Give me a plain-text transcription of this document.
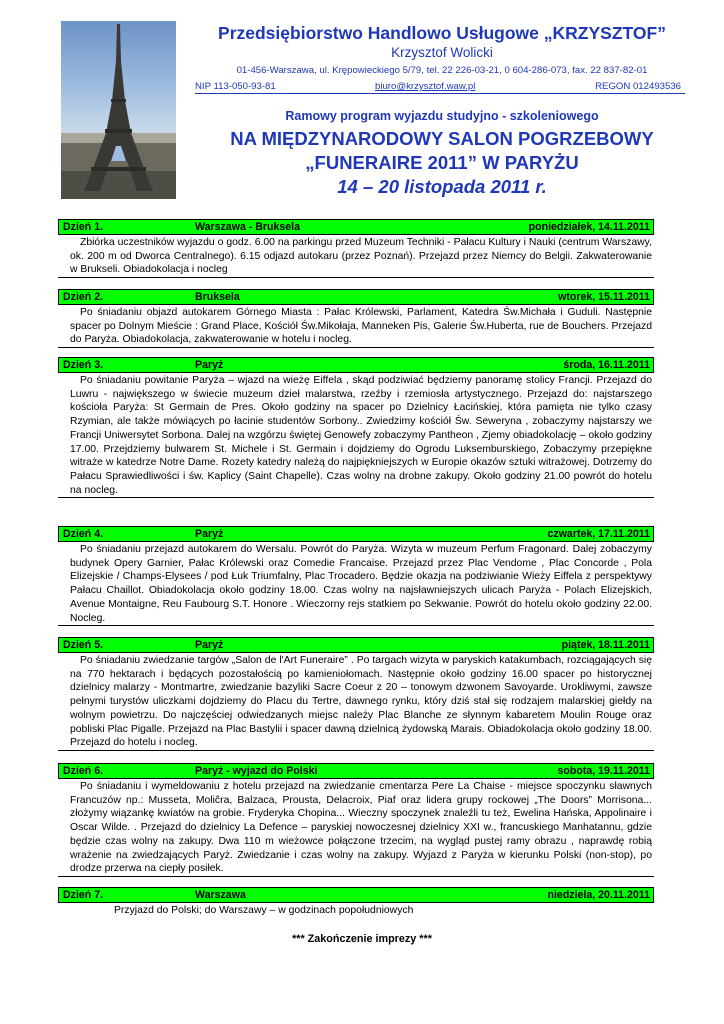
Przedsiębiorstwo Handlowo Usługowe „KRZYSZTOF”
Krzysztof Wolicki
01-456-Warszawa, ul. Krępowieckiego 5/79, tel. 22 226-03-21, 0 604-286-073, fax. 22 837-82-01
NIP 113-050-93-81	biuro@krzysztof.waw.pl	REGON 012493536
Ramowy program wyjazdu studyjno - szkoleniowego
NA MIĘDZYNARODOWY SALON POGRZEBOWY
„FUNERAIRE 2011” W PARYŻU
14 – 20 listopada 2011 r.
Dzień 1.	Warszawa - Bruksela	poniedziałek, 14.11.2011

Zbiórka uczestników wyjazdu o godz. 6.00 na parkingu przed Muzeum Techniki - Pałacu Kultury i Nauki (centrum Warszawy, ok. 200 m od Dworca Centralnego). 6.15 odjazd autokaru (przez Poznań). Przejazd przez Niemcy do Belgii. Zakwaterowanie w Brukseli. Obiadokolacja i nocleg

Dzień 2.	Bruksela	wtorek, 15.11.2011

Po śniadaniu objazd autokarem Górnego Miasta : Pałac Królewski, Parlament, Katedra Św.Michała i Guduli. Następnie spacer po Dolnym Mieście : Grand Place, Kościół Św.Mikołaja, Manneken Pis, Galerie Św.Huberta, rue de Bouchers. Przejazd do Paryża. Obiadokolacja, zakwaterowanie w hotelu i nocleg.

Dzień 3.	Paryż	środa, 16.11.2011

Po śniadaniu powitanie Paryża – wjazd na wieżę Eiffela , skąd podziwiać będziemy panoramę stolicy Francji. Przejazd do Luwru - największego w świecie muzeum dzieł malarstwa, rzeźby i rzemiosła artystycznego. Przejazd do: najstarszego kościoła Paryża: St Germain de Pres. Około godziny na spacer po Dzielnicy Łacińskiej, która pamięta nie tylko czasy Rzymian, ale także mówiących po łacinie studentów Sorbony.. Zwiedzimy kościół Św. Seweryna , zobaczymy najstarszy we Francji Uniwersytet Sorbona. Dalej na wzgórzu świętej Genowefy zobaczymy Pantheon , Zjemy obiadokolację – około godziny 17.00. Przejdziemy bulwarem St. Michele i St. Germain i dojdziemy do Ogrodu Luksemburskiego, Zobaczymy przepiękne witraże w katedrze Notre Dame. Rozety katedry należą do najpiękniejszych w Europie okazów sztuki witrażowej. Dotrzemy do Pałacu Sprawiedliwości i św. Kaplicy (Saint Chapelle). Czas wolny na drobne zakupy. Około godziny 21.00 powrót do hotelu na nocleg.

Dzień 4.	Paryż	czwartek, 17.11.2011

Po śniadaniu przejazd autokarem do Wersalu. Powrót do Paryża. Wizyta w muzeum Perfum Fragonard. Dalej zobaczymy budynek Opery Garnier, Pałac Królewski oraz Comedie Francaise. Przejazd przez Plac Vendome , Plac Concorde , Pola Elizejskie / Champs-Elysees / pod Łuk Triumfalny, Plac Trocadero. Będzie okazja na podziwianie Wieży Eiffela z perspektywy Pałacu Chaillot. Obiadokolacja około godziny 18.00. Czas wolny na najsławniejszych ulicach Paryża - Polach Elizejskich, Avenue Montaigne, Reu Faubourg S.T. Honore . Wieczorny rejs statkiem po Sekwanie. Powrót do hotelu około godziny 22.00. Nocleg.

Dzień 5.	Paryż	piątek, 18.11.2011

Po śniadaniu zwiedzanie targów „Salon de l'Art Funeraire” . Po targach wizyta w paryskich katakumbach, rozciągających się na 770 hektarach i będących pozostałością po kamieniołomach. Następnie około godziny 16.00 spacer po historycznej dzielnicy malarzy - Montmartre, zwiedzanie bazyliki Sacre Coeur z 20 – tonowym dzwonem Savoyarde. Urokliwymi, zawsze pełnymi turystów uliczkami dojdziemy do Placu du Tertre, dawnego rynku, który dziś stał się rodzajem malarskiej giełdy na wolnym powietrzu. Do najczęściej odwiedzanych miejsc należy Plac Blanche ze słynnym kabaretem Moulin Rouge oraz pobliski Plac Pigalle. Przejazd na Plac Bastylii i spacer dawną dzielnicą żydowską Marais. Obiadokolacja około godziny 18.00. Przejazd do hotelu i nocleg.

Dzień 6.	Paryż - wyjazd do Polski	sobota, 19.11.2011

Po śniadaniu i wymeldowaniu z hotelu przejazd na zwiedzanie cmentarza Pere La Chaise - miejsce spoczynku sławnych Francuzów np.: Musseta, Moliĉra, Balzaca, Prousta, Delacroix, Piaf oraz lidera grupy rockowej „The Doors” Morrisona... złożymy wiązankę kwiatów na grobie. Fryderyka Chopina... Wieczny spoczynek znaleźli tu też, Ewelina Hańska, Appolinaire i Oscar Wilde. . Przejazd do dzielnicy La Defence – paryskiej nowoczesnej dzielnicy XXI w., francuskiego Manhatannu, gdzie będzie czas wolny na zakupy. Dwa 110 m wieżowce połączone trzecim, na wygląd pustej ramy obrazu , naprawdę robią wrażenie na zwiedzających Paryż. Zwiedzanie i czas wolny na zakupy. Wyjazd z Paryża w kierunku Polski (non-stop), po drodze przerwa na ciepły posiłek.

Dzień 7.	Warszawa	niedziela, 20.11.2011
Przyjazd do Polski; do Warszawy – w godzinach popołudniowych
*** Zakończenie imprezy ***
